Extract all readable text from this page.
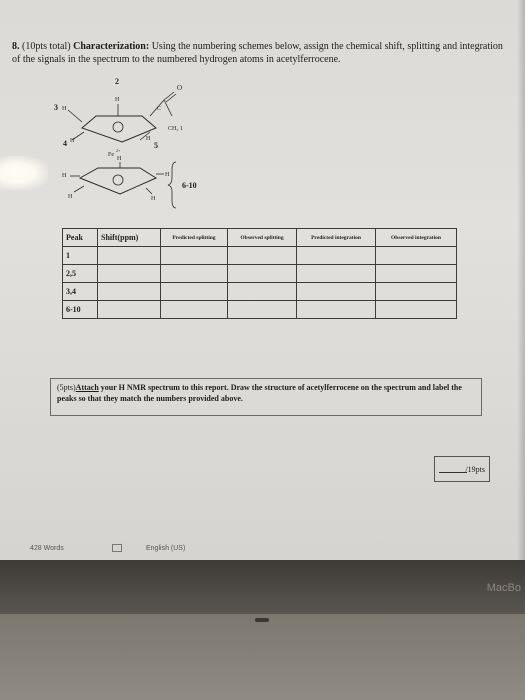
8. (10pts total) Characterization: Using the numbering schemes below, assign the chemical shift, splitting and integration of the signals in the spectrum to the numbered hydrogen atoms in acetylferrocene.
2
H
3 H
4 H	5
H
CH₃ 1
O
C
Fe
2+
H
H	H
H	H
6-10
Peak	Shift(ppm)	Predicted splitting	Observed splitting	Predicted integration	Observed integration
1					
2,5					
3,4					
6-10					
(5pts)Attach your H NMR spectrum to this report. Draw the structure of acetylferrocene on the spectrum and label the peaks so that they match the numbers provided above.
/19pts
428 Words	English (US)
MacBo
